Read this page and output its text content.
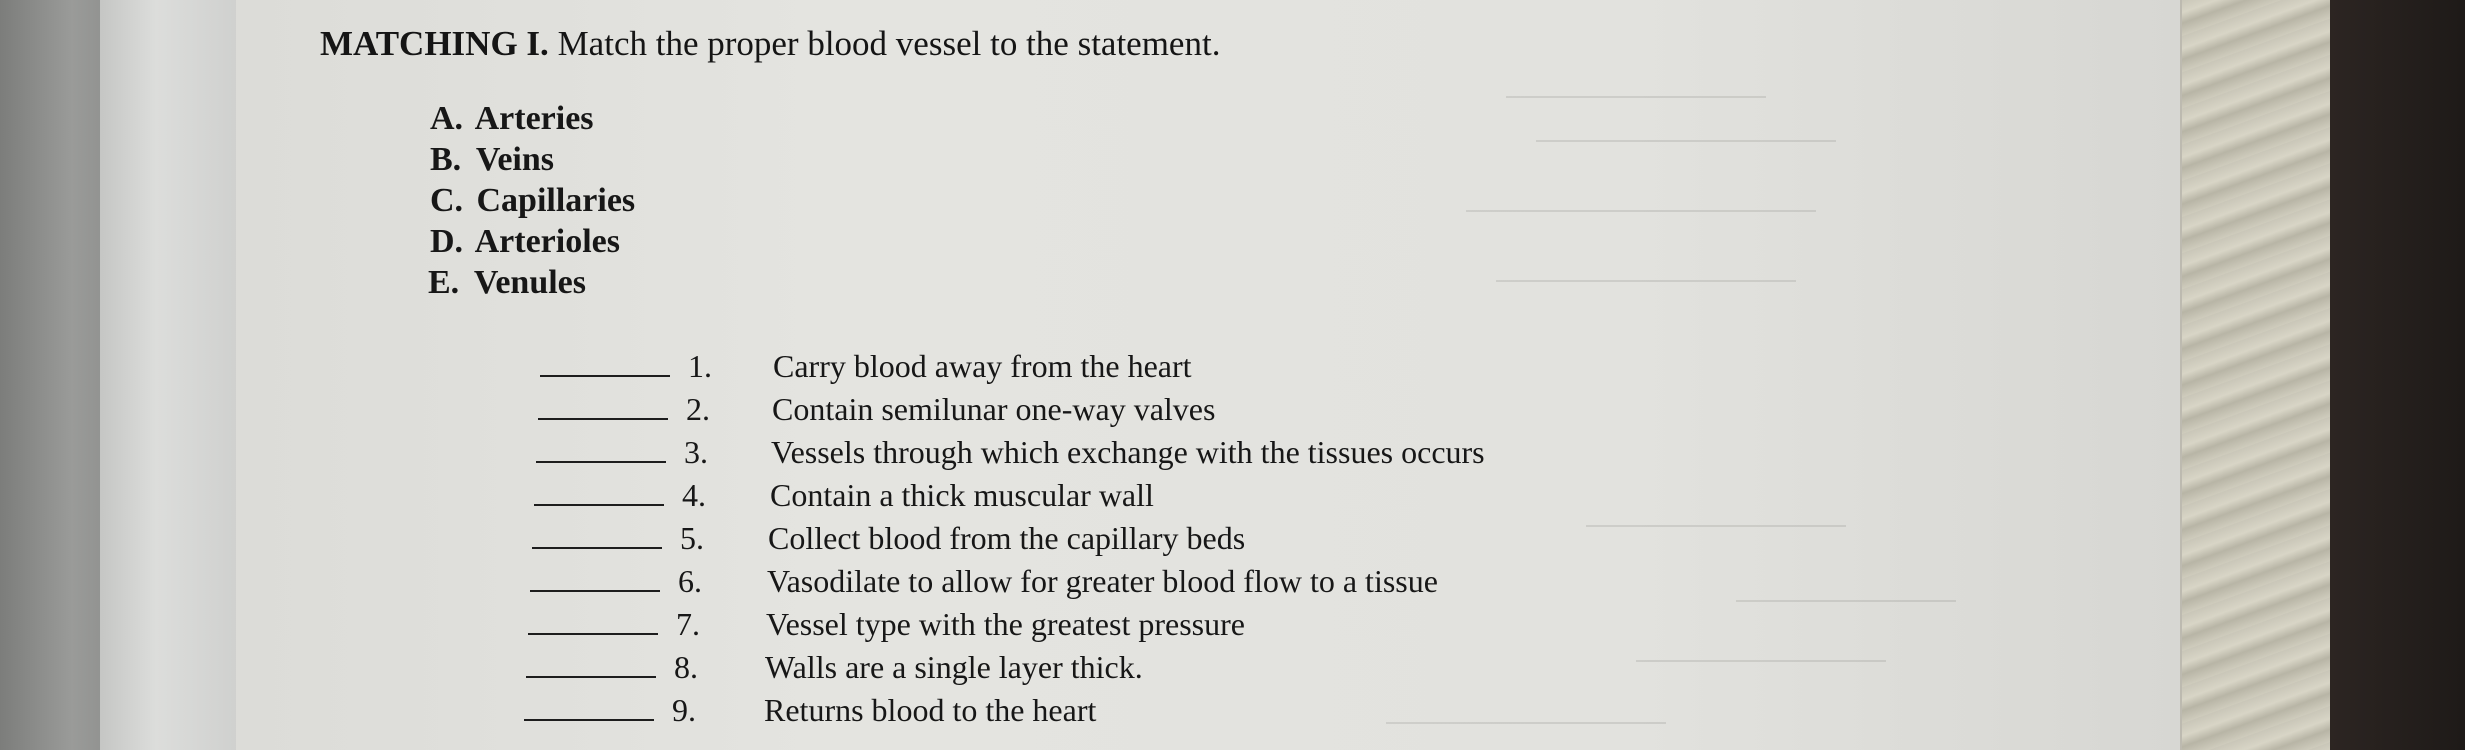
MATCHING I. Match the proper blood vessel to the statement.
A. Arteries
B. Veins
C. Capillaries
D. Arterioles
E. Venules
1. Carry blood away from the heart
2. Contain semilunar one-way valves
3. Vessels through which exchange with the tissues occurs
4. Contain a thick muscular wall
5. Collect blood from the capillary beds
6. Vasodilate to allow for greater blood flow to a tissue
7. Vessel type with the greatest pressure
8. Walls are a single layer thick.
9. Returns blood to the heart
